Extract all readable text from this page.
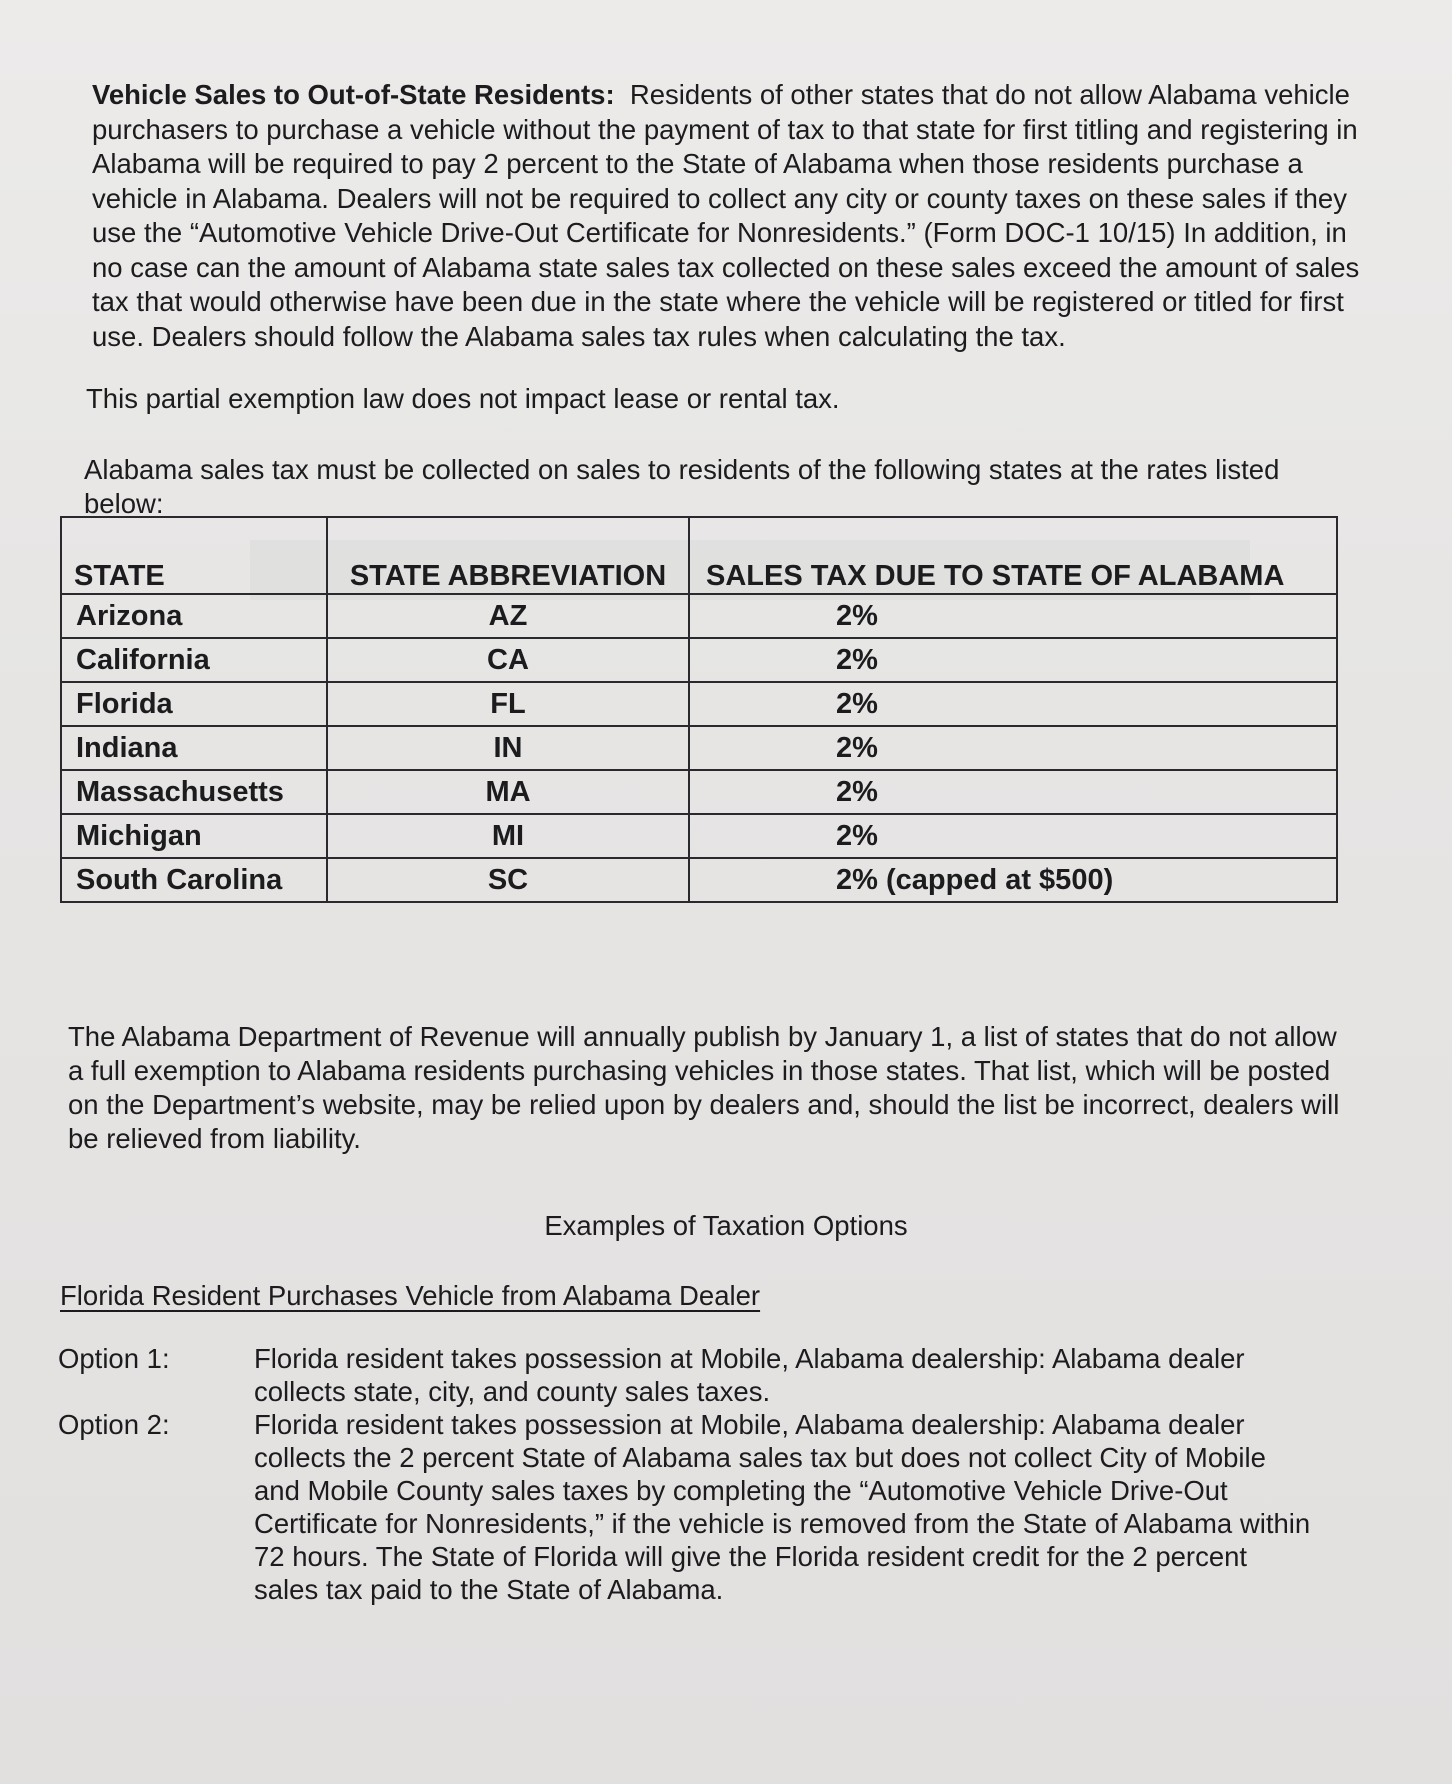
Vehicle Sales to Out-of-State Residents: Residents of other states that do not allow Alabama vehicle purchasers to purchase a vehicle without the payment of tax to that state for first titling and registering in Alabama will be required to pay 2 percent to the State of Alabama when those residents purchase a vehicle in Alabama. Dealers will not be required to collect any city or county taxes on these sales if they use the “Automotive Vehicle Drive-Out Certificate for Nonresidents.” (Form DOC-1 10/15) In addition, in no case can the amount of Alabama state sales tax collected on these sales exceed the amount of sales tax that would otherwise have been due in the state where the vehicle will be registered or titled for first use. Dealers should follow the Alabama sales tax rules when calculating the tax.

This partial exemption law does not impact lease or rental tax.

Alabama sales tax must be collected on sales to residents of the following states at the rates listed below:

STATE	STATE ABBREVIATION	SALES TAX DUE TO STATE OF ALABAMA
Arizona	AZ	2%
California	CA	2%
Florida	FL	2%
Indiana	IN	2%
Massachusetts	MA	2%
Michigan	MI	2%
South Carolina	SC	2% (capped at $500)

The Alabama Department of Revenue will annually publish by January 1, a list of states that do not allow a full exemption to Alabama residents purchasing vehicles in those states. That list, which will be posted on the Department’s website, may be relied upon by dealers and, should the list be incorrect, dealers will be relieved from liability.

Examples of Taxation Options
Florida Resident Purchases Vehicle from Alabama Dealer
Option 1:	Florida resident takes possession at Mobile, Alabama dealership: Alabama dealer collects state, city, and county sales taxes.
Option 2:	Florida resident takes possession at Mobile, Alabama dealership: Alabama dealer collects the 2 percent State of Alabama sales tax but does not collect City of Mobile and Mobile County sales taxes by completing the “Automotive Vehicle Drive-Out Certificate for Nonresidents,” if the vehicle is removed from the State of Alabama within 72 hours. The State of Florida will give the Florida resident credit for the 2 percent sales tax paid to the State of Alabama.
